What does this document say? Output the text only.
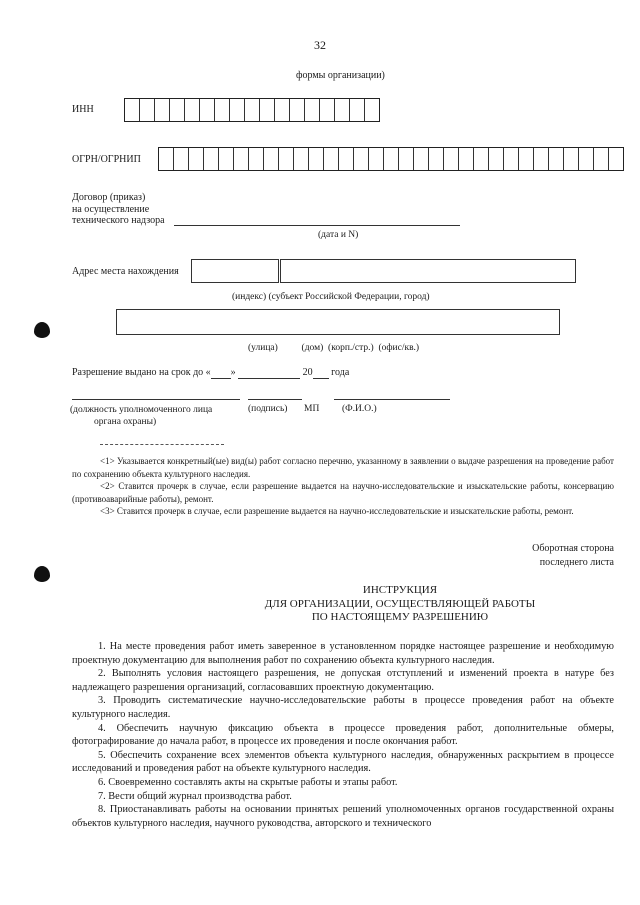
32
формы организации)
ИНН
ОГРН/ОГРНИП
Договор (приказ)
на осуществление
технического надзора
(дата и N)
Адрес места нахождения
(индекс) (субъект Российской Федерации, город)
(улица)          (дом)  (корп./стр.)  (офис/кв.)
Разрешение выдано на срок до « »	20 года
(должность уполномоченного лица
органа охраны)
(подпись) МП (Ф.И.О.)

<1> Указывается конкретный(ые) вид(ы) работ согласно перечню, указанному в заявлении о выдаче разрешения на проведение работ по сохранению объекта культурного наследия.

<2> Ставится прочерк в случае, если разрешение выдается на научно-исследовательские и изыскательские работы, консервацию (противоаварийные работы), ремонт.

<3> Ставится прочерк в случае, если разрешение выдается на научно-исследовательские и изыскательские работы, ремонт.

Оборотная сторона
последнего листа
ИНСТРУКЦИЯ
ДЛЯ ОРГАНИЗАЦИИ, ОСУЩЕСТВЛЯЮЩЕЙ РАБОТЫ
ПО НАСТОЯЩЕМУ РАЗРЕШЕНИЮ

1. На месте проведения работ иметь заверенное в установленном порядке настоящее разрешение и необходимую проектную документацию для выполнения работ по сохранению объекта культурного наследия.

2. Выполнять условия настоящего разрешения, не допуская отступлений и изменений проекта в натуре без надлежащего разрешения организаций, согласовавших проектную документацию.

3. Проводить систематические научно-исследовательские работы в процессе проведения работ на объекте культурного наследия.

4. Обеспечить научную фиксацию объекта в процессе проведения работ, дополнительные обмеры, фотографирование до начала работ, в процессе их проведения и после окончания работ.

5. Обеспечить сохранение всех элементов объекта культурного наследия, обнаруженных раскрытием в процессе исследований и проведения работ на объекте культурного наследия.

6. Своевременно составлять акты на скрытые работы и этапы работ.

7. Вести общий журнал производства работ.

8. Приостанавливать работы на основании принятых решений уполномоченных органов государственной охраны объектов культурного наследия, научного руководства, авторского и технического
